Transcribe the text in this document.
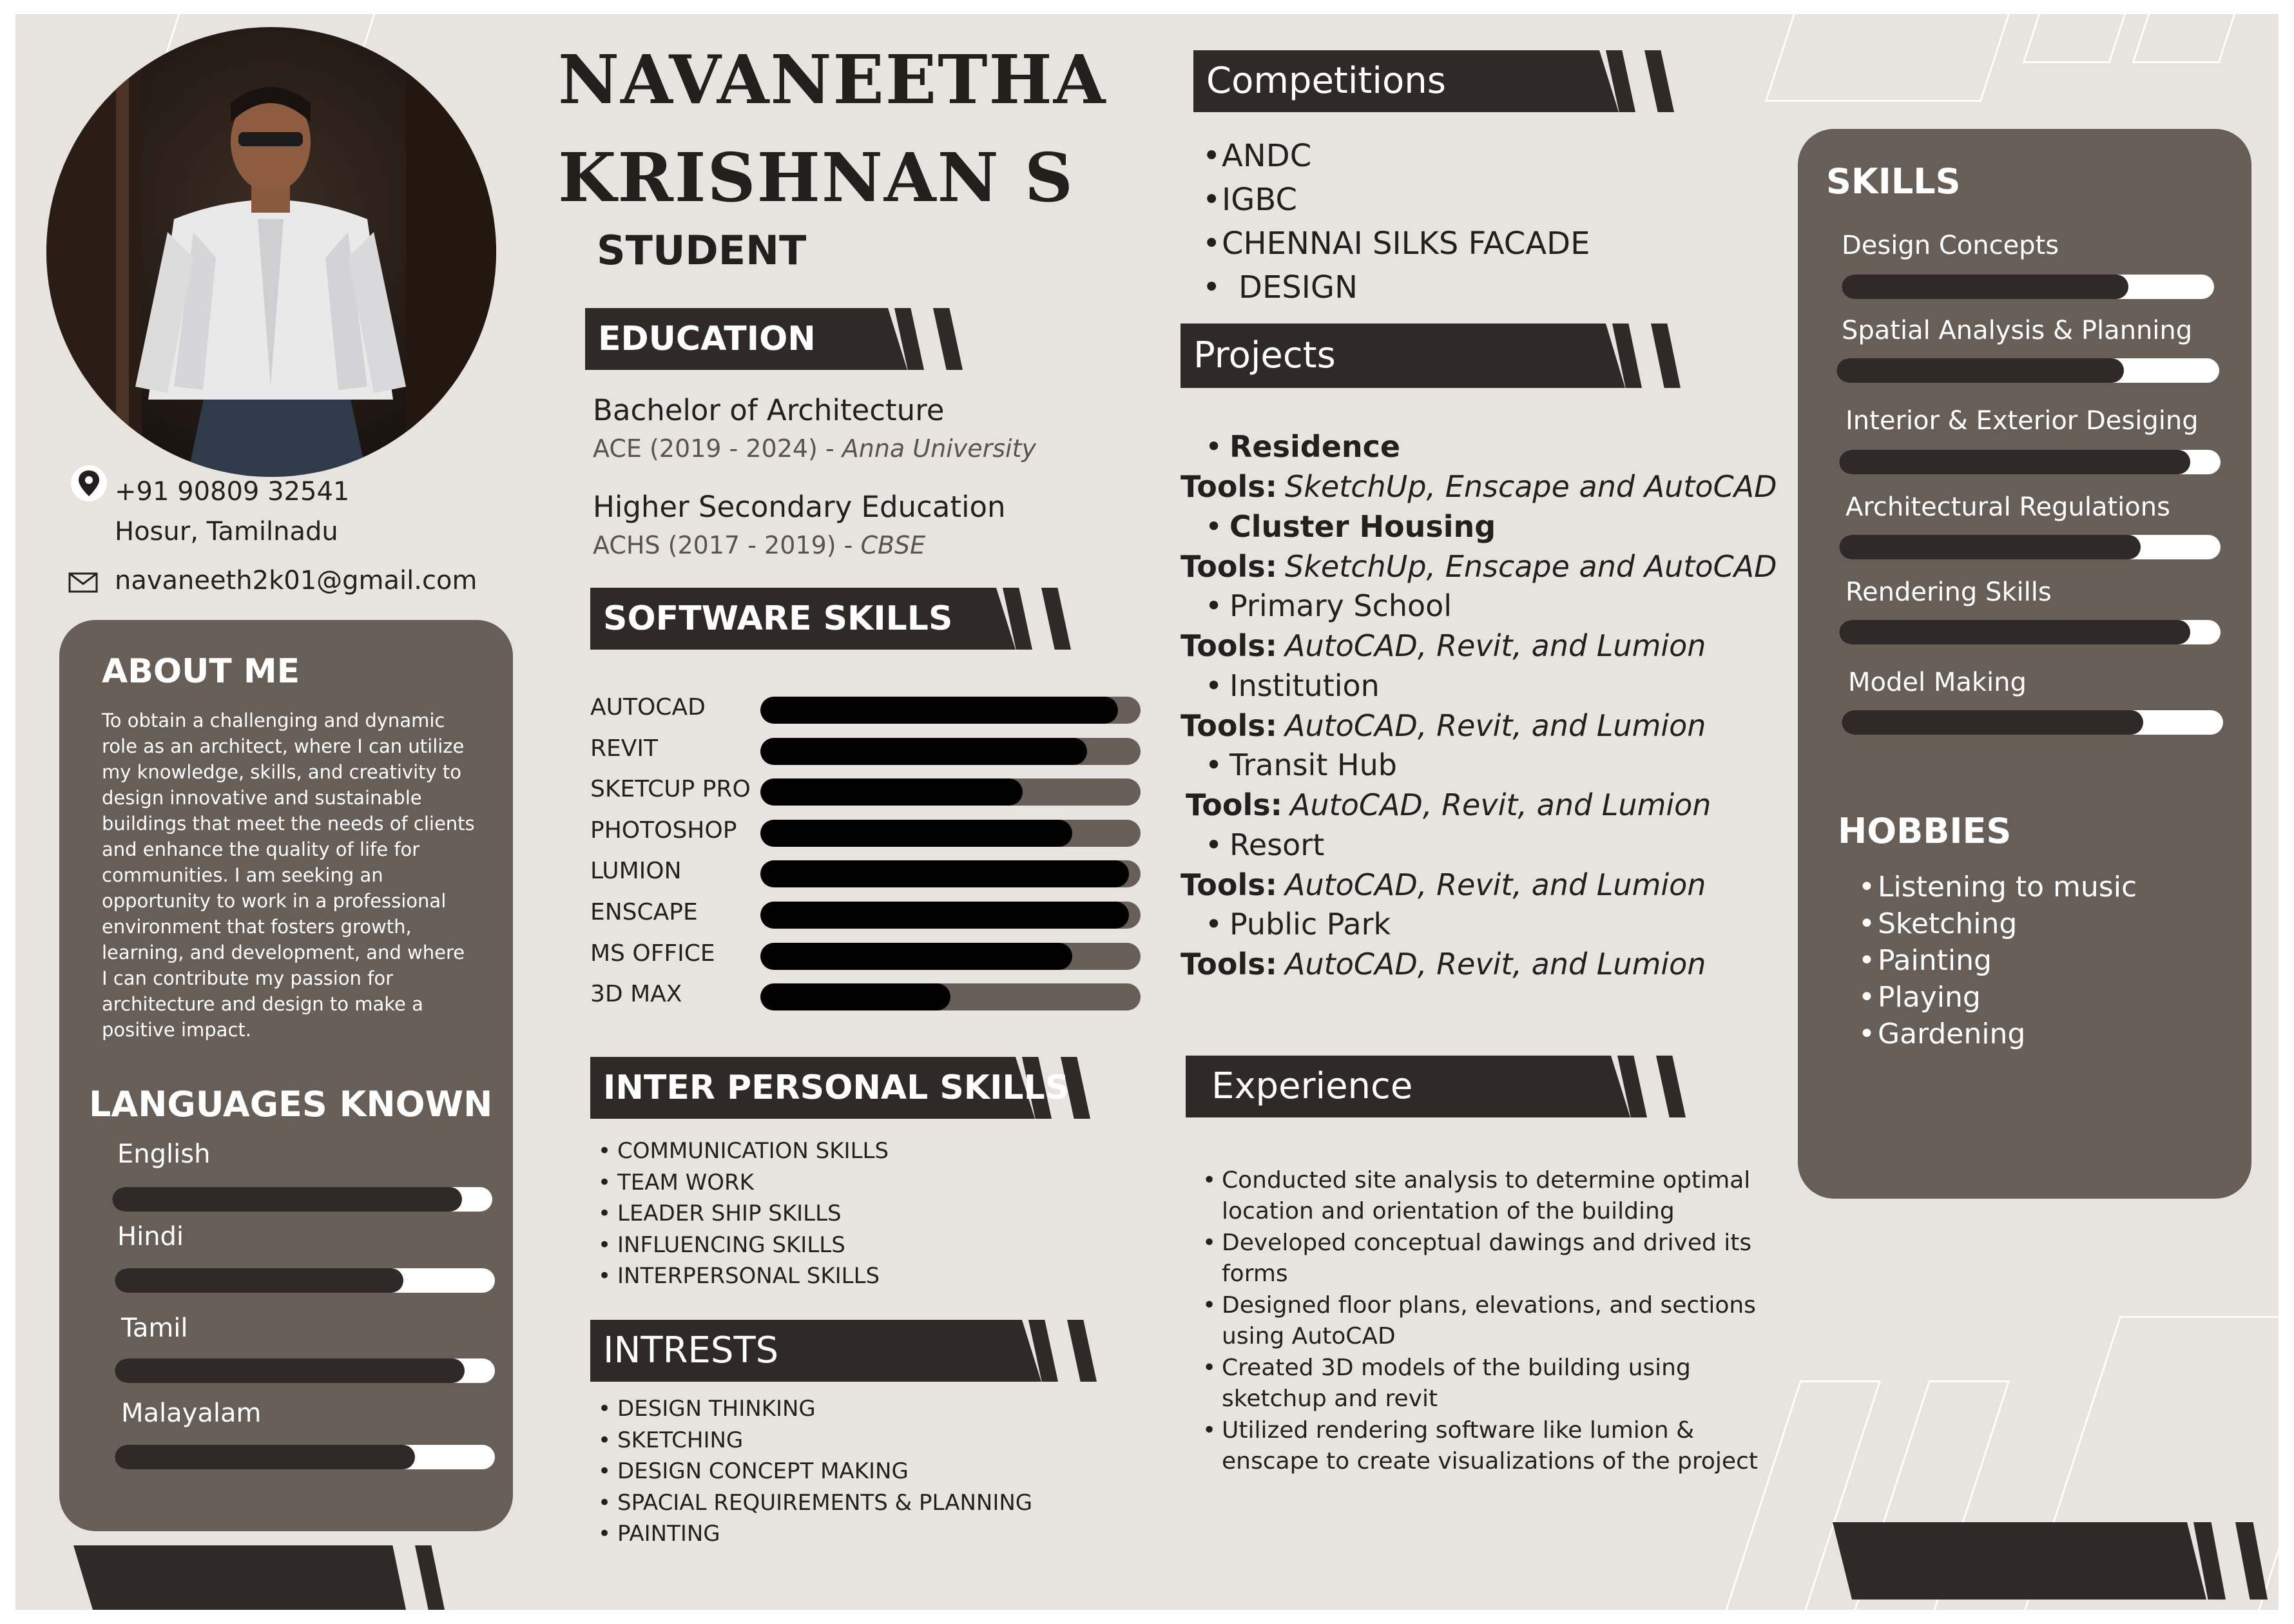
+91 90809 32541
Hosur, Tamilnadu
navaneeth2k01@gmail.com
ABOUT ME
To obtain a challenging and dynamic role as an architect, where I can utilize my knowledge, skills, and creativity to design innovative and sustainable buildings that meet the needs of clients and enhance the quality of life for communities. I am seeking an opportunity to work in a professional environment that fosters growth, learning, and development, and where I can contribute my passion for architecture and design to make a positive impact.
LANGUAGES KNOWN
NAVANEETHA
KRISHNAN S
STUDENT
EDUCATION
Bachelor of Architecture
ACE (2019 - 2024) - Anna University
Higher Secondary Education
ACHS (2017 - 2019) - CBSE
SOFTWARE SKILLS
INTER PERSONAL SKILLS
• COMMUNICATION SKILLS
• TEAM WORK
• LEADER SHIP SKILLS
• INFLUENCING SKILLS
• INTERPERSONAL SKILLS
INTRESTS
• DESIGN THINKING
• SKETCHING
• DESIGN CONCEPT MAKING
• SPACIAL REQUIREMENTS & PLANNING
• PAINTING
Competitions
• ANDC
• IGBC
• CHENNAI SILKS FACADE
• DESIGN
Projects
Experience
SKILLS
HOBBIES
• Listening to music
• Sketching
• Painting
• Playing
• Gardening
English
Hindi
Tamil
Malayalam
AUTOCAD
REVIT
SKETCUP PRO
PHOTOSHOP
LUMION
ENSCAPE
MS OFFICE
3D MAX
• Residence
Tools: SketchUp, Enscape and AutoCAD
• Cluster Housing
Tools: SketchUp, Enscape and AutoCAD
• Primary School
Tools: AutoCAD, Revit, and Lumion
• Institution
Tools: AutoCAD, Revit, and Lumion
• Transit Hub
Tools: AutoCAD, Revit, and Lumion
• Resort
Tools: AutoCAD, Revit, and Lumion
• Public Park
Tools: AutoCAD, Revit, and Lumion
• Conducted site analysis to determine optimal
location and orientation of the building
• Developed conceptual dawings and drived its
forms
• Designed floor plans, elevations, and sections
using AutoCAD
• Created 3D models of the building using
sketchup and revit
• Utilized rendering software like lumion &
enscape to create visualizations of the project
Design Concepts
Spatial Analysis & Planning
Interior & Exterior Desiging
Architectural Regulations
Rendering Skills
Model Making
